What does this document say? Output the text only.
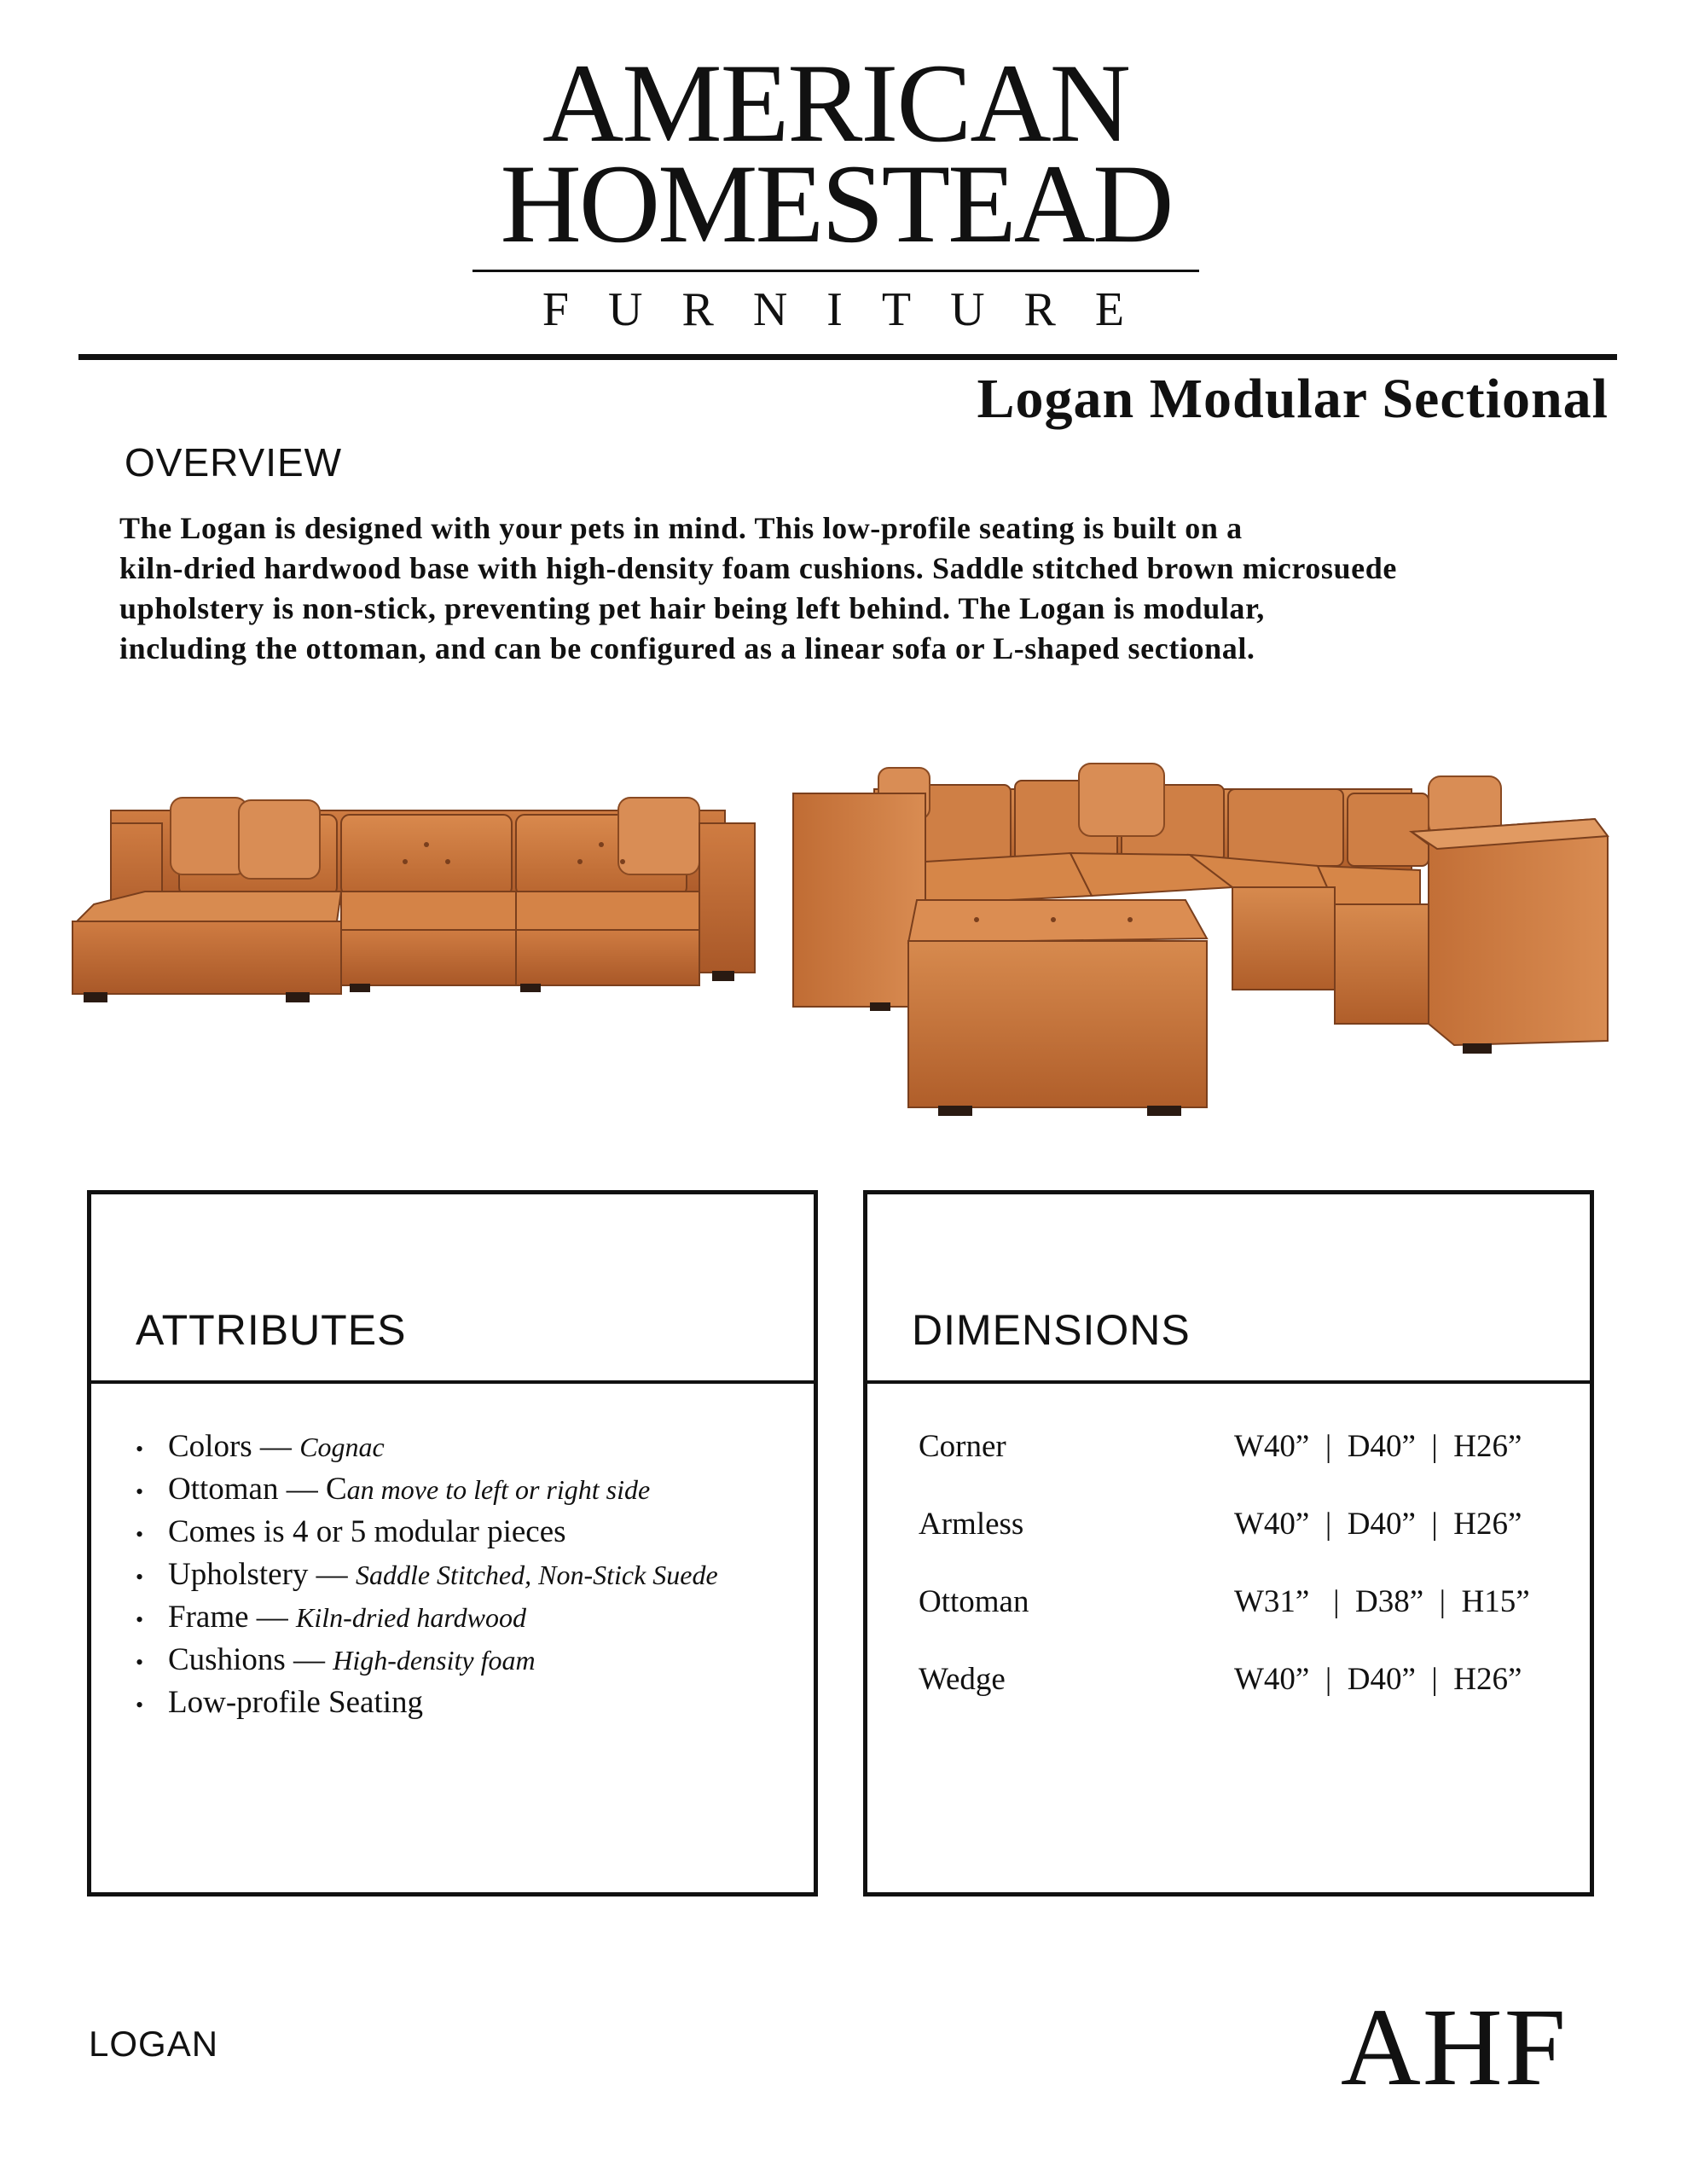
AMERICAN
HOMESTEAD
FURNITURE
Logan Modular Sectional
OVERVIEW
The Logan is designed with your pets in mind. This low-profile seating is built on a
kiln-dried hardwood base with high-density foam cushions. Saddle stitched brown microsuede
upholstery is non-stick, preventing pet hair being left behind. The Logan is modular,
including the ottoman, and can be configured as a linear sofa or L-shaped sectional.
ATTRIBUTES
• Colors — Cognac
• Ottoman — Can move to left or right side
• Comes is 4 or 5 modular pieces
• Upholstery — Saddle Stitched, Non-Stick Suede
• Frame — Kiln-dried hardwood
• Cushions — High-density foam
• Low-profile Seating
DIMENSIONS
Corner	W40”  |  D40”  |  H26”
Armless	W40”  |  D40”  |  H26”
Ottoman	W31”   |  D38”  |  H15”
Wedge	W40”  |  D40”  |  H26”
LOGAN	AHF
